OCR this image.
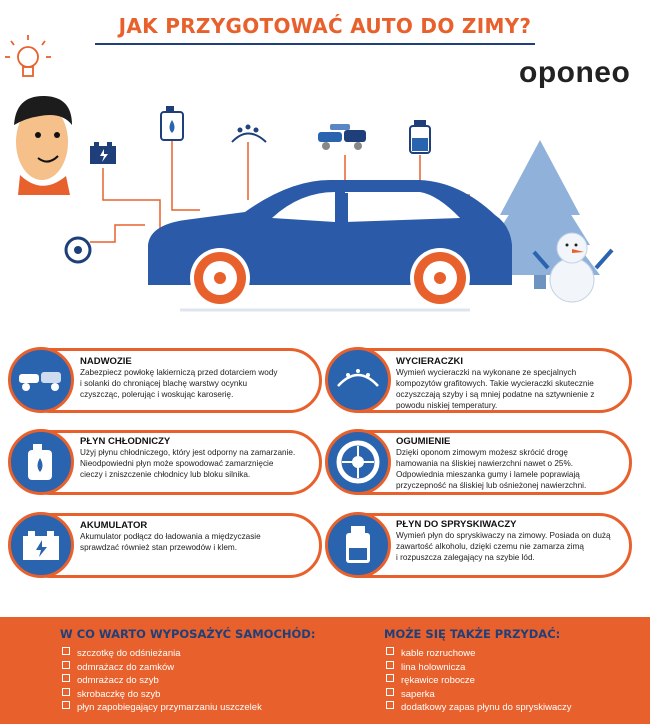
JAK PRZYGOTOWAĆ AUTO DO ZIMY?
oponeo
NADWOZIE
Zabezpiecz powłokę lakierniczą przed dotarciem wody
i solanki do chroniącej blachę warstwy ocynku
czyszcząc, polerując i woskując karoserię.
WYCIERACZKI
Wymień wycieraczki na wykonane ze specjalnych
kompozytów grafitowych. Takie wycieraczki skutecznie
oczyszczają szyby i są mniej podatne na sztywnienie z
powodu niskiej temperatury.
PŁYN CHŁODNICZY
Użyj płynu chłodniczego, który jest odporny na zamarzanie.
Nieodpowiedni płyn może spowodować zamarznięcie
cieczy i zniszczenie chłodnicy lub bloku silnika.
OGUMIENIE
Dzięki oponom zimowym możesz skrócić drogę
hamowania na śliskiej nawierzchni nawet o 25%.
Odpowiednia mieszanka gumy i lamele poprawiają
przyczepność na śliskiej lub ośnieżonej nawierzchni.
AKUMULATOR
Akumulator podłącz do ładowania a międzyczasie
sprawdzać również stan przewodów i klem.
PŁYN DO SPRYSKIWACZY
Wymień płyn do spryskiwaczy na zimowy. Posiada on dużą
zawartość alkoholu, dzięki czemu nie zamarza zimą
i rozpuszcza zalegający na szybie lód.
W CO WARTO WYPOSAŻYĆ SAMOCHÓD:
szczotkę do odśnieżania
odmrażacz do zamków
odmrażacz do szyb
skrobaczkę do szyb
płyn zapobiegający przymarzaniu uszczelek
MOŻE SIĘ TAKŻE PRZYDAĆ:
kable rozruchowe
lina holownicza
rękawice robocze
saperka
dodatkowy zapas płynu do spryskiwaczy
